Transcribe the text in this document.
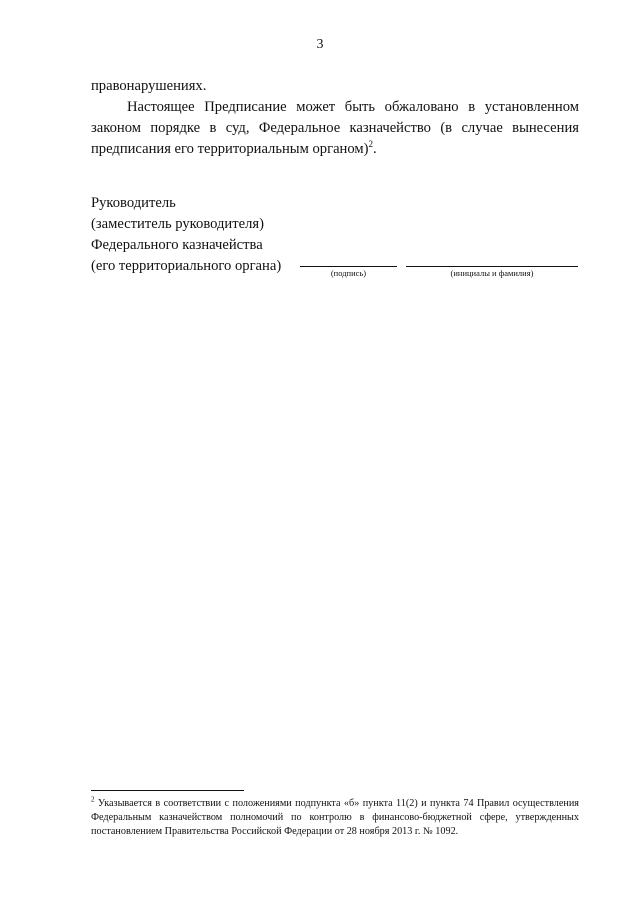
3
правонарушениях.
Настоящее Предписание может быть обжаловано в установленном законом порядке в суд, Федеральное казначейство (в случае вынесения предписания его территориальным органом)$^2$.
Руководитель
(заместитель руководителя)
Федерального казначейства
(его территориального органа)	(подпись)	(инициалы и фамилия)
$^2$ Указывается в соответствии с положениями подпункта «б» пункта 11(2) и пункта 74 Правил осуществления Федеральным казначейством полномочий по контролю в финансово-бюджетной сфере, утвержденных постановлением Правительства Российской Федерации от 28 ноября 2013 г. № 1092.
